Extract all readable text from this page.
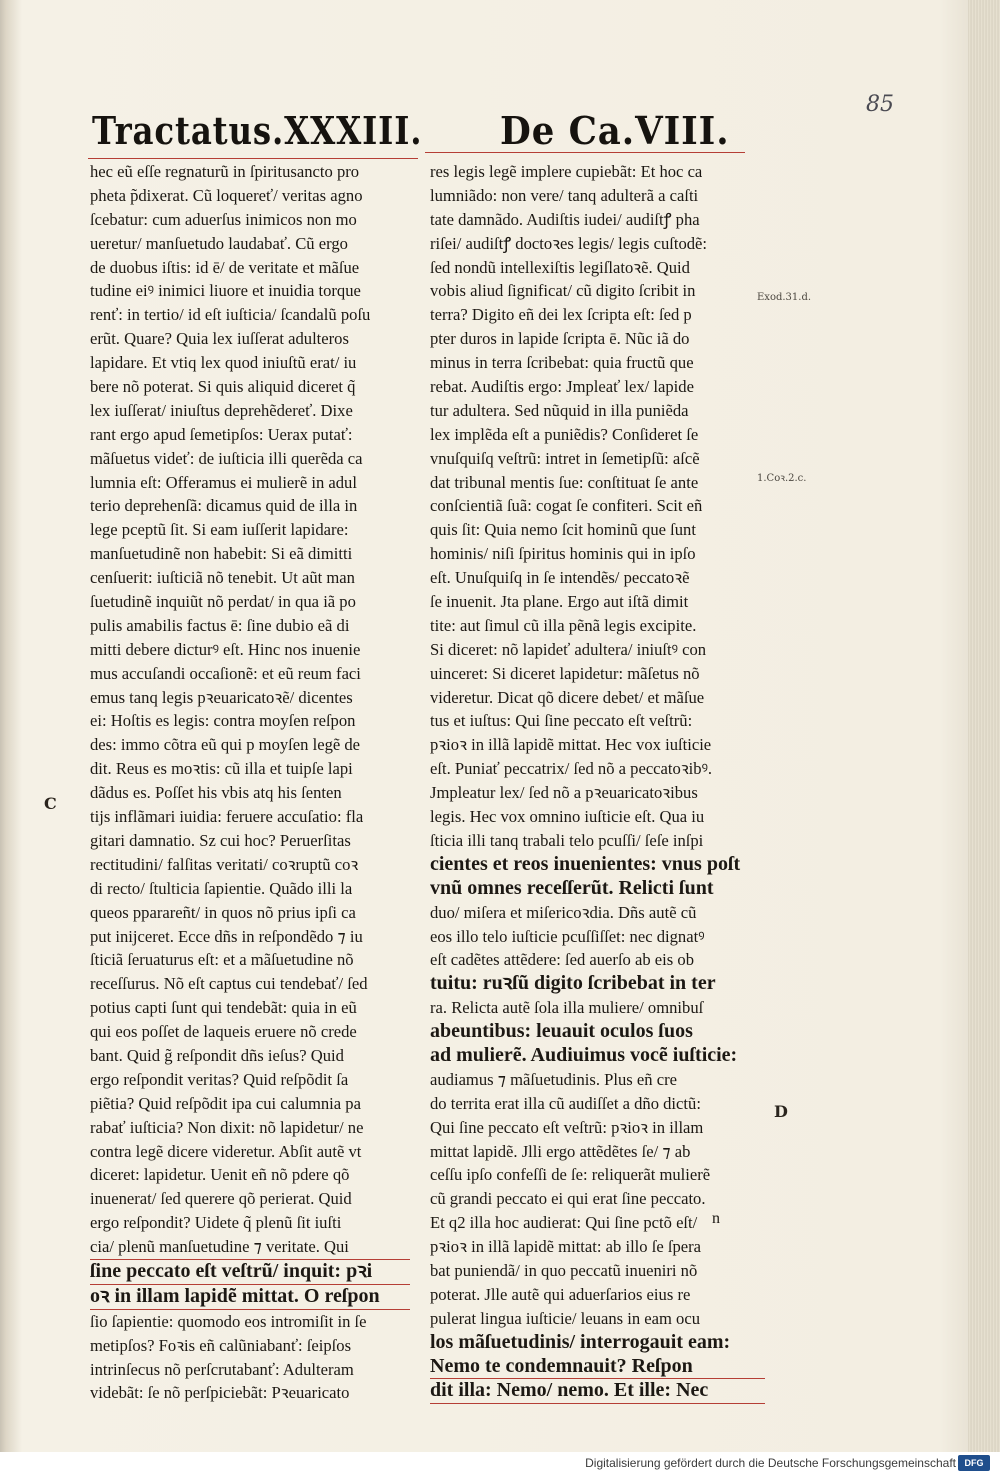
85
Tractatus.XXXIII. De Ca.VIII.
hec eũ eſſe regnaturũ in ſpiritusancto pro
pheta p̃dixerat. Cũ loquereť/ veritas agno
ſcebatur: cum aduerſus inimicos non mo
ueretur/ manſuetudo laudabať. Cũ ergo
de duobus iſtis: id ē/ de veritate et mãſue
tudine eiꝰ inimici liuore et inuidia torque
renť: in tertio/ id eſt iuſticia/ ſcandalũ poſu
erũt. Quare? Quia lex iuſſerat adulteros
lapidare. Et vtiq lex quod iniuſtũ erat/ iu
bere nõ poterat. Si quis aliquid diceret q̃
lex iuſſerat/ iniuſtus deprehẽdereť. Dixe
rant ergo apud ſemetipſos: Uerax putať:
mãſuetus videť: de iuſticia illi querẽda ca
lumnia eſt: Offeramus ei mulierẽ in adul
terio deprehenſã: dicamus quid de illa in
lege pceptũ ſit. Si eam iuſſerit lapidare:
manſuetudinẽ non habebit: Si eã dimitti
cenſuerit: iuſticiã nõ tenebit. Ut aũt man
ſuetudinẽ inquiũt nõ perdat/ in qua iã po
pulis amabilis factus ē: ſine dubio eã di
mitti debere dicturꝰ eſt. Hinc nos inuenie
mus accuſandi occaſionẽ: et eũ reum faci
emus tanq legis pꝛeuaricatoꝛẽ/ dicentes
ei: Hoſtis es legis: contra moyſen reſpon
des: immo cõtra eũ qui p moyſen legẽ de
dit. Reus es moꝛtis: cũ illa et tuipſe lapi
dãdus es. Poſſet his vbis atq his ſenten
tijs inflãmari iuidia: feruere accuſatio: fla
gitari damnatio. Sz cui hoc? Peruerſitas
rectitudini/ falſitas veritati/ coꝛruptũ coꝛ
di recto/ ſtulticia ſapientie. Quãdo illi la
queos pparareñt/ in quos nõ prius ipſi ca
put inijceret. Ecce dñs in reſpondẽdo ⁊ iu
ſticiã ſeruaturus eſt: et a mãſuetudine nõ
receſſurus. Nõ eſt captus cui tendebať/ ſed
potius capti ſunt qui tendebãt: quia in eũ
qui eos poſſet de laqueis eruere nõ crede
bant. Quid g̃ reſpondit dñs ieſus? Quid
ergo reſpondit veritas? Quid reſpõdit ſa
piẽtia? Quid reſpõdit ipa cui calumnia pa
rabať iuſticia? Non dixit: nõ lapidetur/ ne
contra legẽ dicere videretur. Abſit autẽ vt
diceret: lapidetur. Uenit eñ nõ pdere qõ
inuenerat/ ſed querere qõ perierat. Quid
ergo reſpondit? Uidete q̃ plenũ ſit iuſti
cia/ plenũ manſuetudine ⁊ veritate. Qui
ſine peccato eſt veſtrũ/ inquit: pꝛi
oꝛ in illam lapidẽ mittat. O reſpon
ſio ſapientie: quomodo eos intromiſit in ſe
metipſos? Foꝛis eñ calũniabanť: ſeipſos
intrinſecus nõ perſcrutabanť: Adulteram
videbãt: ſe nõ perſpiciebãt: Pꝛeuaricato
res legis legẽ implere cupiebãt: Et hoc ca
lumniãdo: non vere/ tanq adulterã a caſti
tate damnãdo. Audiſtis iudei/ audiſtꝭ pha
riſei/ audiſtꝭ doctoꝛes legis/ legis cuſtodẽ:
ſed nondũ intellexiſtis legiſlatoꝛẽ. Quid
vobis aliud ſignificat/ cũ digito ſcribit in
terra? Digito eñ dei lex ſcripta eſt: ſed p
pter duros in lapide ſcripta ē. Nũc iã do
minus in terra ſcribebat: quia fructũ que
rebat. Audiſtis ergo: Jmpleať lex/ lapide
tur adultera. Sed nũquid in illa puniẽda
lex implẽda eſt a puniẽdis? Conſideret ſe
vnuſquiſq veſtrũ: intret in ſemetipſũ: aſcẽ
dat tribunal mentis ſue: conſtituat ſe ante
conſcientiã ſuã: cogat ſe confiteri. Scit eñ
quis ſit: Quia nemo ſcit hominũ que ſunt
hominis/ niſi ſpiritus hominis qui in ipſo
eſt. Unuſquiſq in ſe intendẽs/ peccatoꝛẽ
ſe inuenit. Jta plane. Ergo aut iſtã dimit
tite: aut ſimul cũ illa pẽnã legis excipite.
Si diceret: nõ lapideť adultera/ iniuſtꝰ con
uinceret: Si diceret lapidetur: mãſetus nõ
videretur. Dicat qõ dicere debet/ et mãſue
tus et iuſtus: Qui ſine peccato eſt veſtrũ:
pꝛioꝛ in illã lapidẽ mittat. Hec vox iuſticie
eſt. Puniať peccatrix/ ſed nõ a peccatoꝛibꝰ.
Jmpleatur lex/ ſed nõ a pꝛeuaricatoꝛibus
legis. Hec vox omnino iuſticie eſt. Qua iu
ſticia illi tanq trabali telo pcuſſi/ ſeſe inſpi
cientes et reos inuenientes: vnus poſt
vnũ omnes receſſerũt. Relicti ſunt
duo/ miſera et miſericoꝛdia. Dñs autẽ cũ
eos illo telo iuſticie pcuſſiſſet: nec dignatꝰ
eſt cadẽtes attẽdere: ſed auerſo ab eis ob
tuitu: ruꝛſũ digito ſcribebat in ter
ra. Relicta autẽ ſola illa muliere/ omnibuſ
abeuntibus: leuauit oculos ſuos
ad mulierẽ. Audiuimus vocẽ iuſticie:
audiamus ⁊ mãſuetudinis. Plus eñ cre
do territa erat illa cũ audiſſet a dño dictũ:
Qui ſine peccato eſt veſtrũ: pꝛioꝛ in illam
mittat lapidẽ. Jlli ergo attẽdẽtes ſe/ ⁊ ab
ceſſu ipſo confeſſi de ſe: reliquerãt mulierẽ
cũ grandi peccato ei qui erat ſine peccato.
Et q2 illa hoc audierat: Qui ſine pctõ eſt/
pꝛioꝛ in illã lapidẽ mittat: ab illo ſe ſpera
bat puniendã/ in quo peccatũ inueniri nõ
poterat. Jlle autẽ qui aduerſarios eius re
pulerat lingua iuſticie/ leuans in eam ocu
los mãſuetudinis/ interrogauit eam:
Nemo te condemnauit? Reſpon
dit illa: Nemo/ nemo. Et ille: Nec
Exod.31.d.
1.Coꝛ.2.c.
C
D
n
Digitalisierung gefördert durch die Deutsche Forschungsgemeinschaft DFG
